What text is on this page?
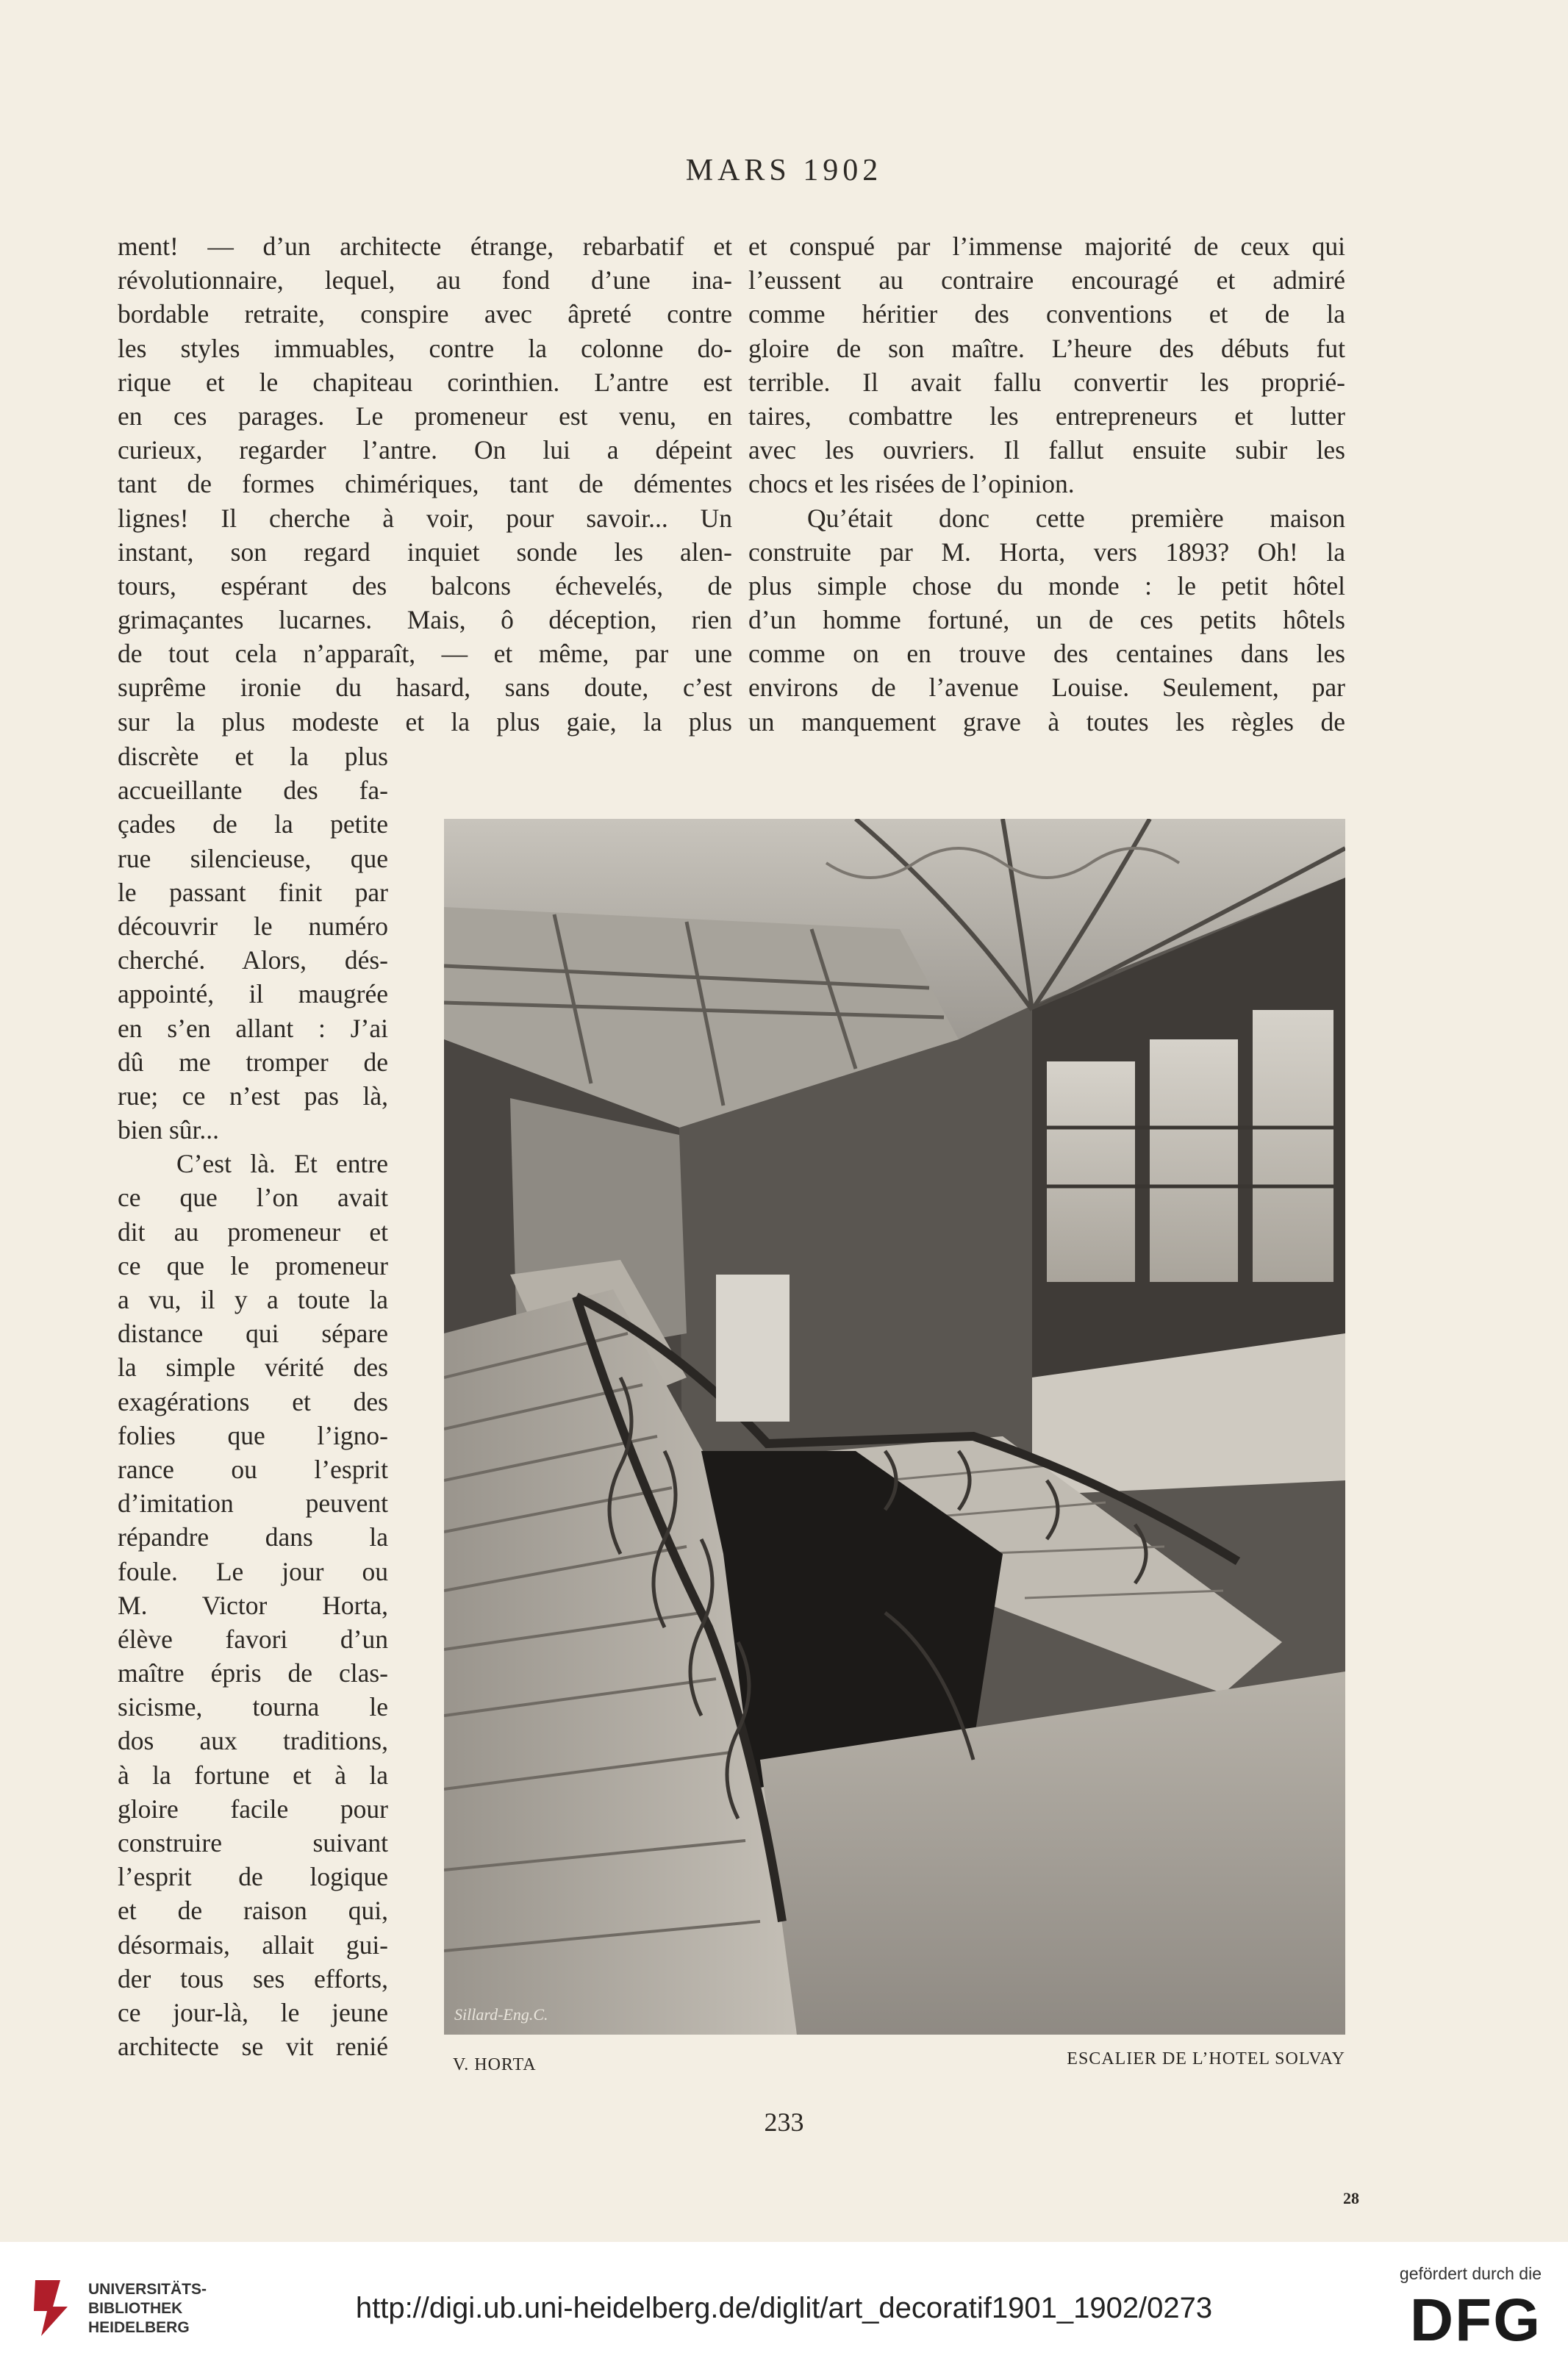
MARS 1902
ment! — d’un architecte étrange, rebarbatif et
révolutionnaire, lequel, au fond d’une ina-
bordable retraite, conspire avec âpreté contre
les styles immuables, contre la colonne do-
rique et le chapiteau corinthien. L’antre est
en ces parages. Le promeneur est venu, en
curieux, regarder l’antre. On lui a dépeint
tant de formes chimériques, tant de démentes
lignes! Il cherche à voir, pour savoir... Un
instant, son regard inquiet sonde les alen-
tours, espérant des balcons échevelés, de
grimaçantes lucarnes. Mais, ô déception, rien
de tout cela n’apparaît, — et même, par une
suprême ironie du hasard, sans doute, c’est
sur la plus modeste et la plus gaie, la plus
et conspué par l’immense majorité de ceux qui
l’eussent au contraire encouragé et admiré
comme héritier des conventions et de la
gloire de son maître. L’heure des débuts fut
terrible. Il avait fallu convertir les proprié-
taires, combattre les entrepreneurs et lutter
avec les ouvriers. Il fallut ensuite subir les
chocs et les risées de l’opinion.
Qu’était donc cette première maison
construite par M. Horta, vers 1893? Oh! la
plus simple chose du monde : le petit hôtel
d’un homme fortuné, un de ces petits hôtels
comme on en trouve des centaines dans les
environs de l’avenue Louise. Seulement, par
un manquement grave à toutes les règles de
discrète et la plus
accueillante des fa-
çades de la petite
rue silencieuse, que
le passant finit par
découvrir le numéro
cherché. Alors, dés-
appointé, il maugrée
en s’en allant : J’ai
dû me tromper de
rue; ce n’est pas là,
bien sûr...
C’est là. Et entre
ce que l’on avait
dit au promeneur et
ce que le promeneur
a vu, il y a toute la
distance qui sépare
la simple vérité des
exagérations et des
folies que l’igno-
rance ou l’esprit
d’imitation peuvent
répandre dans la
foule. Le jour ou
M. Victor Horta,
élève favori d’un
maître épris de clas-
sicisme, tourna le
dos aux traditions,
à la fortune et à la
gloire facile pour
construire suivant
l’esprit de logique
et de raison qui,
désormais, allait gui-
der tous ses efforts,
ce jour-là, le jeune
architecte se vit renié
Sillard-Eng.C.
V. HORTA	ESCALIER DE L’HOTEL SOLVAY
233
28
UNIVERSITÄTS-
BIBLIOTHEK
HEIDELBERG
http://digi.ub.uni-heidelberg.de/diglit/art_decoratif1901_1902/0273
gefördert durch die
DFG
